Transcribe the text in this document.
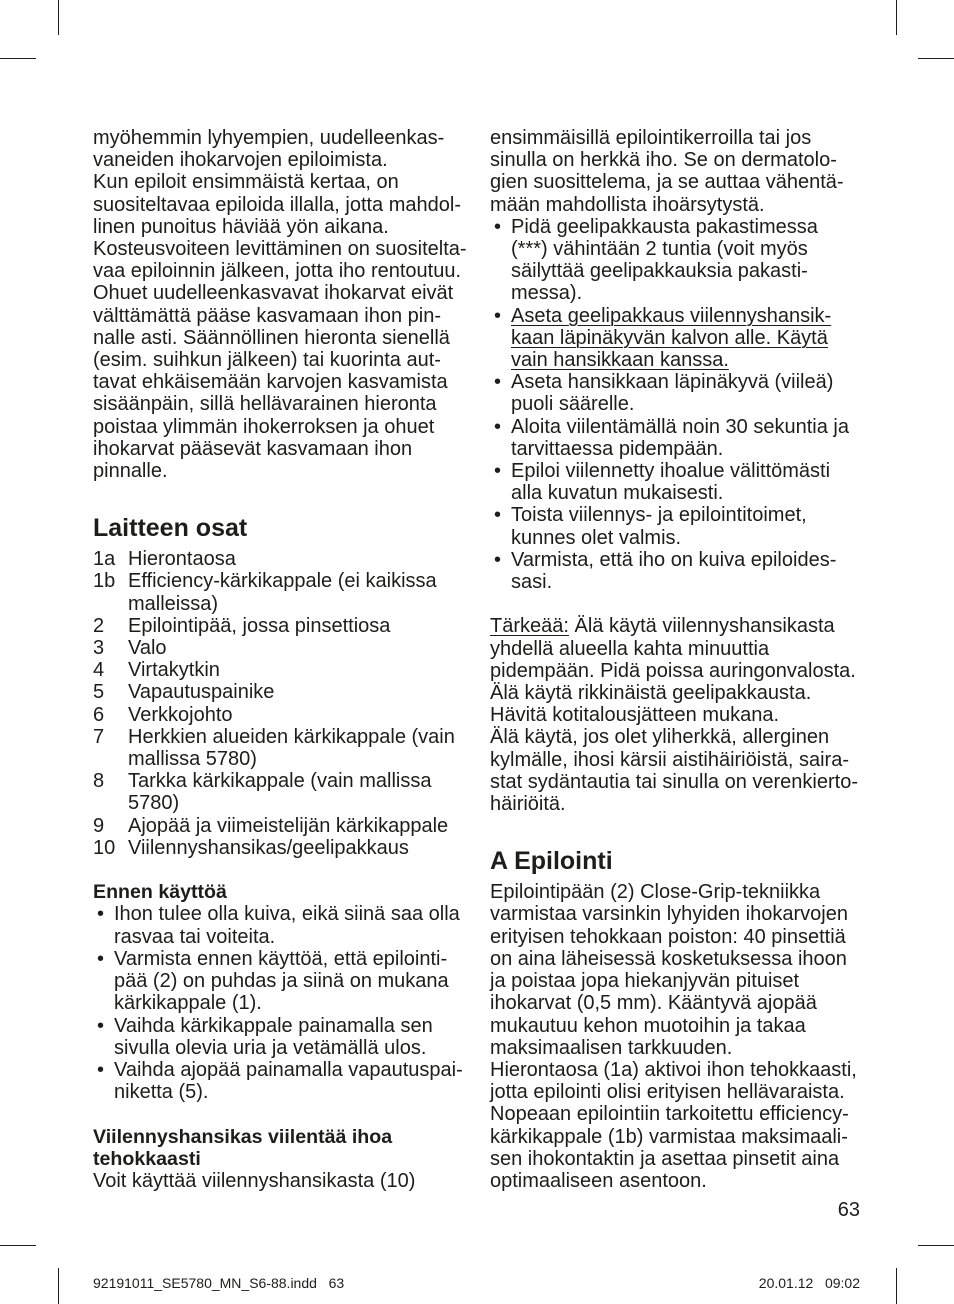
myöhemmin lyhyempien, uudelleenkas-
vaneiden ihokarvojen epiloimista.
Kun epiloit ensimmäistä kertaa, on
suositeltavaa epiloida illalla, jotta mahdol-
linen punoitus häviää yön aikana.
Kosteusvoiteen levittäminen on suositelta-
vaa epiloinnin jälkeen, jotta iho rentoutuu.
Ohuet uudelleenkasvavat ihokarvat eivät
välttämättä pääse kasvamaan ihon pin-
nalle asti. Säännöllinen hieronta sienellä
(esim. suihkun jälkeen) tai kuorinta aut-
tavat ehkäisemään karvojen kasvamista
sisäänpäin, sillä hellävarainen hieronta
poistaa ylimmän ihokerroksen ja ohuet
ihokarvat pääsevät kasvamaan ihon
pinnalle.

Laitteen osat
1a Hierontaosa
1b Efficiency-kärkikappale (ei kaikissa
malleissa)
2	Epilointipää, jossa pinsettiosa
3	Valo
4	Virtakytkin
5	Vapautuspainike
6	Verkkojohto
7	Herkkien alueiden kärkikappale (vain
mallissa 5780)
8	Tarkka kärkikappale (vain mallissa
5780)
9	Ajopää ja viimeistelijän kärkikappale
10 Viilennyshansikas/geelipakkaus
Ennen käyttöä
• Ihon tulee olla kuiva, eikä siinä saa olla
rasvaa tai voiteita.
• Varmista ennen käyttöä, että epilointi-
pää (2) on puhdas ja siinä on mukana
kärkikappale (1).
• Vaihda kärkikappale painamalla sen
sivulla olevia uria ja vetämällä ulos.
• Vaihda ajopää painamalla vapautuspai-
niketta (5).
Viilennyshansikas viilentää ihoa
tehokkaasti

Voit käyttää viilennyshansikasta (10)

ensimmäisillä epilointikerroilla tai jos
sinulla on herkkä iho. Se on dermatolo-
gien suosittelema, ja se auttaa vähentä-
mään mahdollista ihoärsytystä.

• Pidä geelipakkausta pakastimessa
(***) vähintään 2 tuntia (voit myös
säilyttää geelipakkauksia pakasti-
messa).
• Aseta geelipakkaus viilennyshansik-
kaan läpinäkyvän kalvon alle. Käytä
vain hansikkaan kanssa.
• Aseta hansikkaan läpinäkyvä (viileä)
puoli säärelle.
• Aloita viilentämällä noin 30 sekuntia ja
tarvittaessa pidempään.
• Epiloi viilennetty ihoalue välittömästi
alla kuvatun mukaisesti.
• Toista viilennys- ja epilointitoimet,
kunnes olet valmis.
• Varmista, että iho on kuiva epiloides-
sasi.

Tärkeää: Älä käytä viilennyshansikasta
yhdellä alueella kahta minuuttia
pidempään. Pidä poissa auringonvalosta.
Älä käytä rikkinäistä geelipakkausta.
Hävitä kotitalousjätteen mukana.
Älä käytä, jos olet yliherkkä, allerginen
kylmälle, ihosi kärsii aistihäiriöistä, saira-
stat sydäntautia tai sinulla on verenkierto-
häiriöitä.

A Epilointi

Epilointipään (2) Close-Grip-tekniikka
varmistaa varsinkin lyhyiden ihokarvojen
erityisen tehokkaan poiston: 40 pinsettiä
on aina läheisessä kosketuksessa ihoon
ja poistaa jopa hiekanjyvän pituiset
ihokarvat (0,5 mm). Kääntyvä ajopää
mukautuu kehon muotoihin ja takaa
maksimaalisen tarkkuuden.
Hierontaosa (1a) aktivoi ihon tehokkaasti,
jotta epilointi olisi erityisen hellävaraista.
Nopeaan epilointiin tarkoitettu efficiency-
kärkikappale (1b) varmistaa maksimaali-
sen ihokontaktin ja asettaa pinsetit aina
optimaaliseen asentoon.

63
92191011_SE5780_MN_S6-88.indd   63	20.01.12   09:02
